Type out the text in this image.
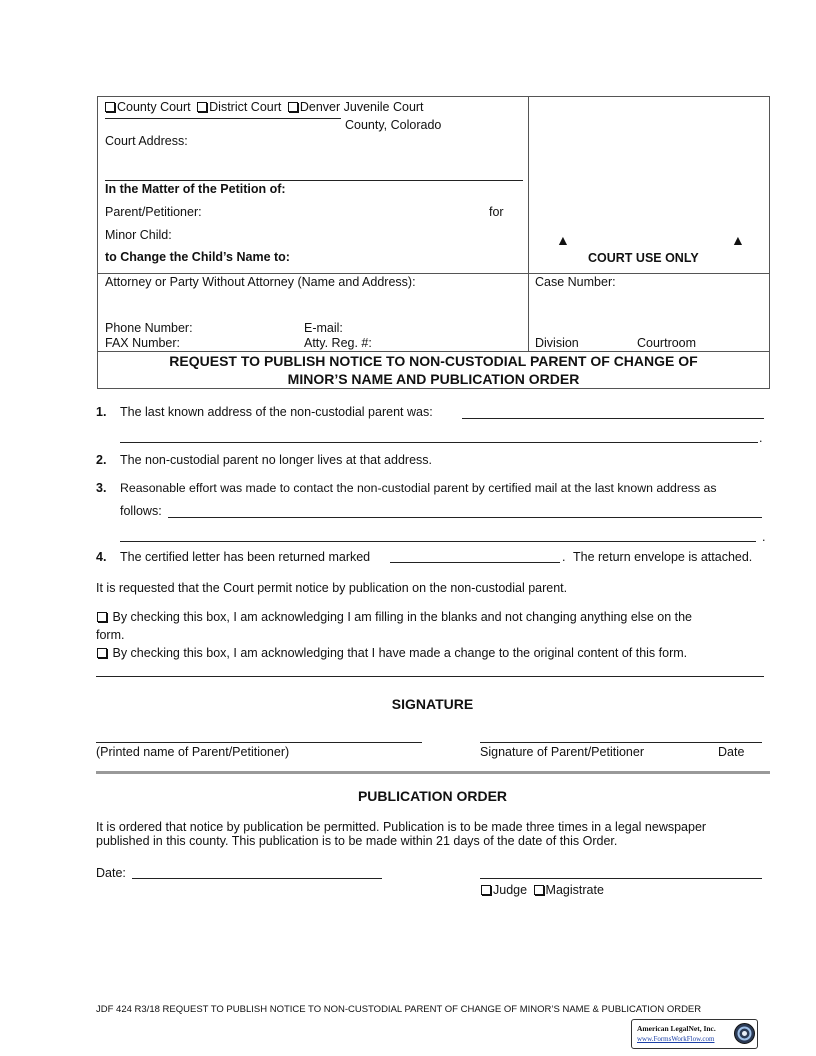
County Court District Court Denver Juvenile Court
County, Colorado
Court Address:
In the Matter of the Petition of:
Parent/Petitioner:	for
Minor Child:
to Change the Child’s Name to:
▲	▲
COURT USE ONLY
Attorney or Party Without Attorney (Name and Address):
Phone Number:	E-mail:
FAX Number:	Atty. Reg. #:
Case Number:
Division	Courtroom
REQUEST TO PUBLISH NOTICE TO NON-CUSTODIAL PARENT OF CHANGE OF
MINOR’S NAME AND PUBLICATION ORDER
1. The last known address of the non-custodial parent was:
.
2. The non-custodial parent no longer lives at that address.
3. Reasonable effort was made to contact the non-custodial parent by certified mail at the last known address as
follows:
.
4. The certified letter has been returned marked	. The return envelope is attached.
It is requested that the Court permit notice by publication on the non-custodial parent.
By checking this box, I am acknowledging I am filling in the blanks and not changing anything else on the
form.
By checking this box, I am acknowledging that I have made a change to the original content of this form.
SIGNATURE
(Printed name of Parent/Petitioner)	Signature of Parent/Petitioner	Date
PUBLICATION ORDER
It is ordered that notice by publication be permitted. Publication is to be made three times in a legal newspaper
published in this county. This publication is to be made within 21 days of the date of this Order.
Date:
Judge Magistrate
JDF 424 R3/18 REQUEST TO PUBLISH NOTICE TO NON-CUSTODIAL PARENT OF CHANGE OF MINOR’S NAME & PUBLICATION ORDER
American LegalNet, Inc.
www.FormsWorkFlow.com
